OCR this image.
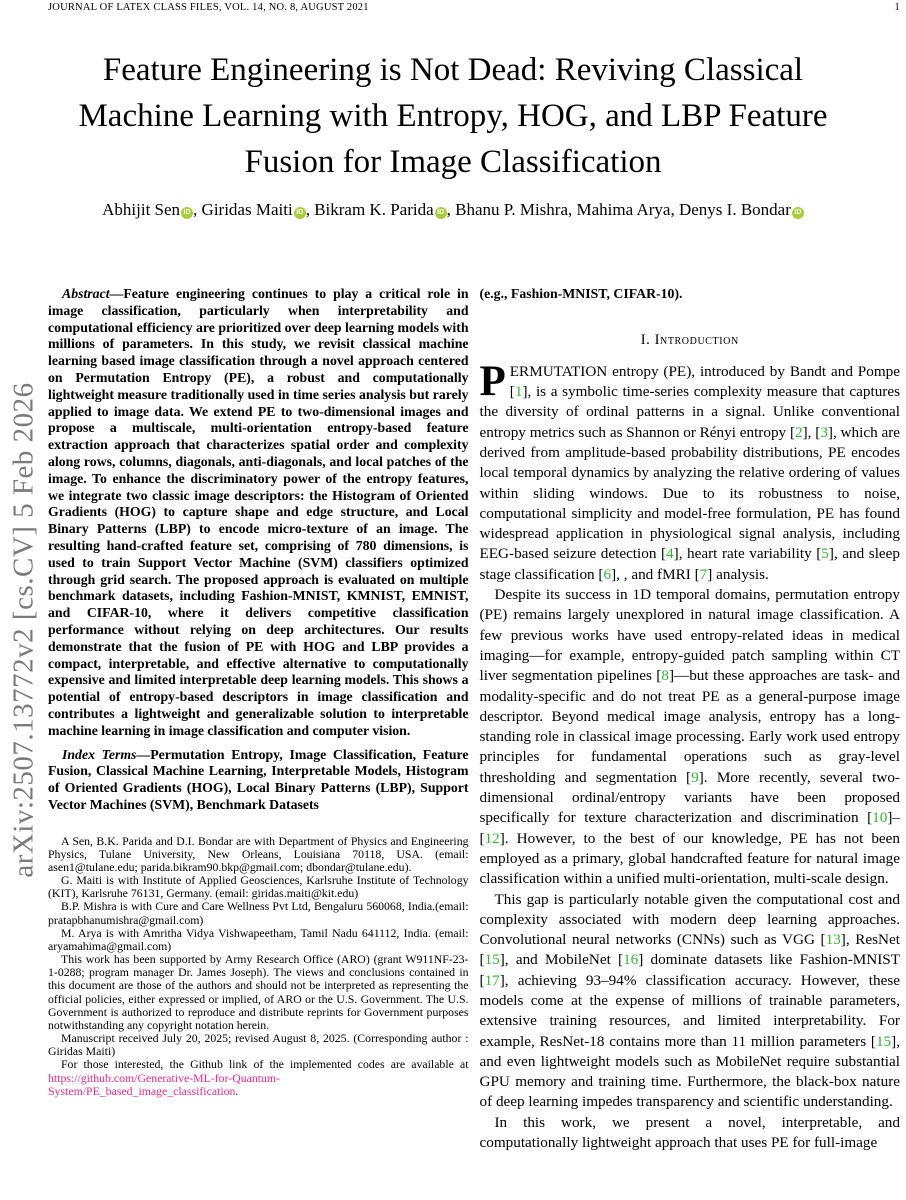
JOURNAL OF LATEX CLASS FILES, VOL. 14, NO. 8, AUGUST 2021	1
arXiv:2507.13772v2 [cs.CV] 5 Feb 2026
Feature Engineering is Not Dead: Reviving Classical Machine Learning with Entropy, HOG, and LBP Feature Fusion for Image Classification
Abhijit Sen iD , Giridas Maiti iD , Bikram K. Parida iD , Bhanu P. Mishra, Mahima Arya, Denys I. Bondar iD

Abstract—Feature engineering continues to play a critical role in image classification, particularly when interpretability and computational efficiency are prioritized over deep learning models with millions of parameters. In this study, we revisit classical machine learning based image classification through a novel approach centered on Permutation Entropy (PE), a robust and computationally lightweight measure traditionally used in time series analysis but rarely applied to image data. We extend PE to two-dimensional images and propose a multiscale, multi-orientation entropy-based feature extraction approach that characterizes spatial order and complexity along rows, columns, diagonals, anti-diagonals, and local patches of the image. To enhance the discriminatory power of the entropy features, we integrate two classic image descriptors: the Histogram of Oriented Gradients (HOG) to capture shape and edge structure, and Local Binary Patterns (LBP) to encode micro-texture of an image. The resulting hand-crafted feature set, comprising of 780 dimensions, is used to train Support Vector Machine (SVM) classifiers optimized through grid search. The proposed approach is evaluated on multiple benchmark datasets, including Fashion-MNIST, KMNIST, EMNIST, and CIFAR-10, where it delivers competitive classification performance without relying on deep architectures. Our results demonstrate that the fusion of PE with HOG and LBP provides a compact, interpretable, and effective alternative to computationally expensive and limited interpretable deep learning models. This shows a potential of entropy-based descriptors in image classification and contributes a lightweight and generalizable solution to interpretable machine learning in image classification and computer vision.

Index Terms—Permutation Entropy, Image Classification, Feature Fusion, Classical Machine Learning, Interpretable Models, Histogram of Oriented Gradients (HOG), Local Binary Patterns (LBP), Support Vector Machines (SVM), Benchmark Datasets

A Sen, B.K. Parida and D.I. Bondar are with Department of Physics and Engineering Physics, Tulane University, New Orleans, Louisiana 70118, USA. (email: asen1@tulane.edu; parida.bikram90.bkp@gmail.com; dbondar@tulane.edu).

G. Maiti is with Institute of Applied Geosciences, Karlsruhe Institute of Technology (KIT), Karlsruhe 76131, Germany. (email: giridas.maiti@kit.edu)

B.P. Mishra is with Cure and Care Wellness Pvt Ltd, Bengaluru 560068, India.(email: pratapbhanumishra@gmail.com)

M. Arya is with Amritha Vidya Vishwapeetham, Tamil Nadu 641112, India. (email: aryamahima@gmail.com)

This work has been supported by Army Research Office (ARO) (grant W911NF-23-1-0288; program manager Dr. James Joseph). The views and conclusions contained in this document are those of the authors and should not be interpreted as representing the official policies, either expressed or implied, of ARO or the U.S. Government. The U.S. Government is authorized to reproduce and distribute reprints for Government purposes notwithstanding any copyright notation herein.

Manuscript received July 20, 2025; revised August 8, 2025. (Corresponding author : Giridas Maiti)

For those interested, the Github link of the implemented codes are available at https://github.com/Generative-ML-for-Quantum-System/PE_based_image_classification.

(e.g., Fashion-MNIST, CIFAR-10).

I. Introduction

PERMUTATION entropy (PE), introduced by Bandt and Pompe [1], is a symbolic time-series complexity measure that captures the diversity of ordinal patterns in a signal. Unlike conventional entropy metrics such as Shannon or Rényi entropy [2], [3], which are derived from amplitude-based probability distributions, PE encodes local temporal dynamics by analyzing the relative ordering of values within sliding windows. Due to its robustness to noise, computational simplicity and model-free formulation, PE has found widespread application in physiological signal analysis, including EEG-based seizure detection [4], heart rate variability [5], and sleep stage classification [6], , and fMRI [7] analysis.

Despite its success in 1D temporal domains, permutation entropy (PE) remains largely unexplored in natural image classification. A few previous works have used entropy-related ideas in medical imaging—for example, entropy-guided patch sampling within CT liver segmentation pipelines [8]—but these approaches are task- and modality-specific and do not treat PE as a general-purpose image descriptor. Beyond medical image analysis, entropy has a long-standing role in classical image processing. Early work used entropy principles for fundamental operations such as gray-level thresholding and segmentation [9]. More recently, several two-dimensional ordinal/entropy variants have been proposed specifically for texture characterization and discrimination [10]–[12]. However, to the best of our knowledge, PE has not been employed as a primary, global handcrafted feature for natural image classification within a unified multi-orientation, multi-scale design.

This gap is particularly notable given the computational cost and complexity associated with modern deep learning approaches. Convolutional neural networks (CNNs) such as VGG [13], ResNet [15], and MobileNet [16] dominate datasets like Fashion-MNIST [17], achieving 93–94% classification accuracy. However, these models come at the expense of millions of trainable parameters, extensive training resources, and limited interpretability. For example, ResNet-18 contains more than 11 million parameters [15], and even lightweight models such as MobileNet require substantial GPU memory and training time. Furthermore, the black-box nature of deep learning impedes transparency and scientific understanding.

In this work, we present a novel, interpretable, and computationally lightweight approach that uses PE for full-image
